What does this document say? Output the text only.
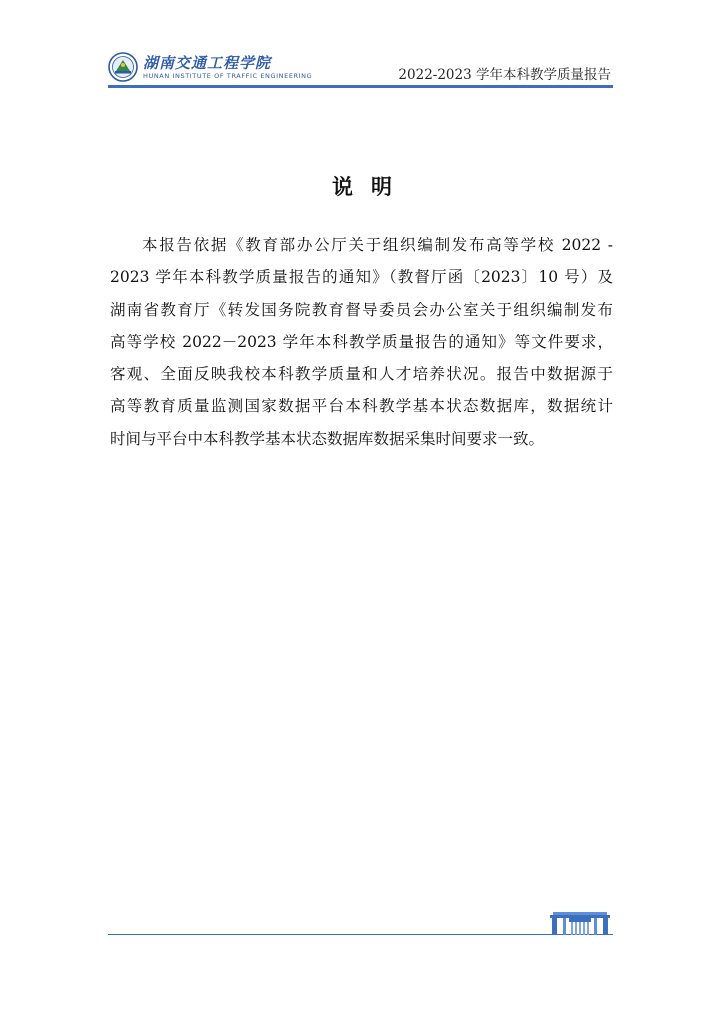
湖南交通工程学院
HUNAN INSTITUTE OF TRAFFIC ENGINEERING	2022-2023 学年本科教学质量报告
说明
本报告依据《教育部办公厅关于组织编制发布高等学校 2022 -
2023 学年本科教学质量报告的通知》（教督厅函〔2023〕10 号）及
湖南省教育厅《转发国务院教育督导委员会办公室关于组织编制发布
高等学校 2022－2023 学年本科教学质量报告的通知》等文件要求，
客观、全面反映我校本科教学质量和人才培养状况。报告中数据源于
高等教育质量监测国家数据平台本科教学基本状态数据库，数据统计
时间与平台中本科教学基本状态数据库数据采集时间要求一致。
